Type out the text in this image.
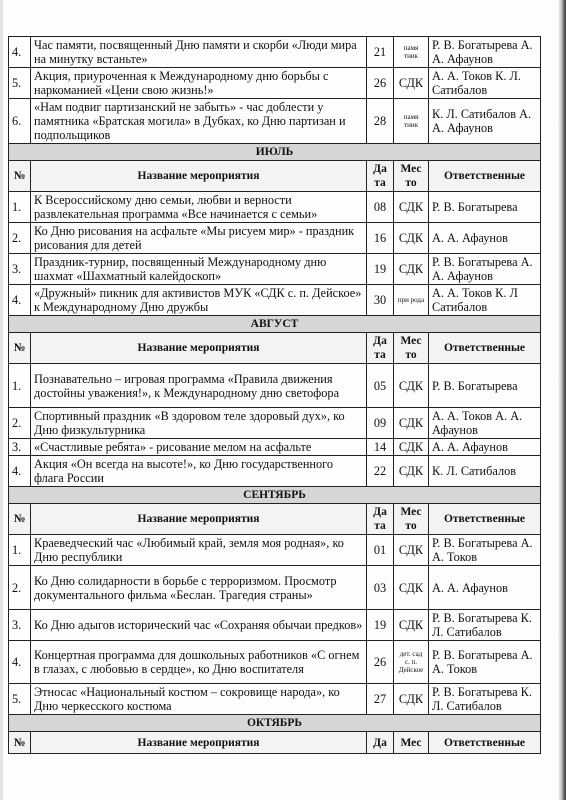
4.	Час памяти, посвященный Дню памяти и скорби «Люди мира на минутку встаньте»	21	памя тник	Р. В. Богатырева А. А. Афаунов
5.	Акция, приуроченная к Международному дню борьбы с наркоманией «Цени свою жизнь!»	26	СДК	А. А. Токов К. Л. Сатибалов
6.	«Нам подвиг партизанский не забыть» - час доблести у памятника «Братская могила» в Дубках, ко Дню партизан и подпольщиков	28	памя тник	К. Л. Сатибалов А. А. Афаунов
ИЮЛЬ				
№	Название мероприятия	Да та	Мес то	Ответственные
1.	К Всероссийскому дню семьи, любви и верности развлекательная программа «Все начинается с семьи»	08	СДК	Р. В. Богатырева
2.	Ко Дню рисования на асфальте «Мы рисуем мир» - праздник рисования для детей	16	СДК	А. А. Афаунов
3.	Праздник-турнир, посвященный Международному дню шахмат «Шахматный калейдоскоп»	19	СДК	Р. В. Богатырева А. А. Афаунов
4.	«Дружный» пикник для активистов МУК «СДК с. п. Дейское» к Международному Дню дружбы	30	при рода	А. А. Токов К. Л Сатибалов
АВГУСТ				
№	Название мероприятия	Да та	Мес то	Ответственные
1.	Познавательно – игровая программа «Правила движения достойны уважения!», к Международному дню светофора	05	СДК	Р. В. Богатырева
2.	Спортивный праздник «В здоровом теле здоровый дух», ко Дню физкультурника	09	СДК	А. А. Токов А. А. Афаунов
3.	«Счастливые ребята» - рисование мелом на асфальте	14	СДК	А. А. Афаунов
4.	Акция «Он всегда на высоте!», ко Дню государственного флага России	22	СДК	К. Л. Сатибалов
СЕНТЯБРЬ				
№	Название мероприятия	Да та	Мес то	Ответственные
1.	Краеведческий час «Любимый край, земля моя родная», ко Дню республики	01	СДК	Р. В. Богатырева А. А. Токов
2.	Ко Дню солидарности в борьбе с терроризмом. Просмотр документального фильма «Беслан. Трагедия страны»	03	СДК	А. А. Афаунов
3.	Ко Дню адыгов исторический час «Сохраняя обычаи предков»	19	СДК	Р. В. Богатырева К. Л. Сатибалов
4.	Концертная программа для дошкольных работников «С огнем в глазах, с любовью в сердце», ко Дню воспитателя	26	дет. сад с. п. Дейское	Р. В. Богатырева А. А. Токов
5.	Этносас «Национальный костюм – сокровище народа», ко Дню черкесского костюма	27	СДК	Р. В. Богатырева К. Л. Сатибалов
ОКТЯБРЬ				
№	Название мероприятия	Да	Мес	Ответственные
